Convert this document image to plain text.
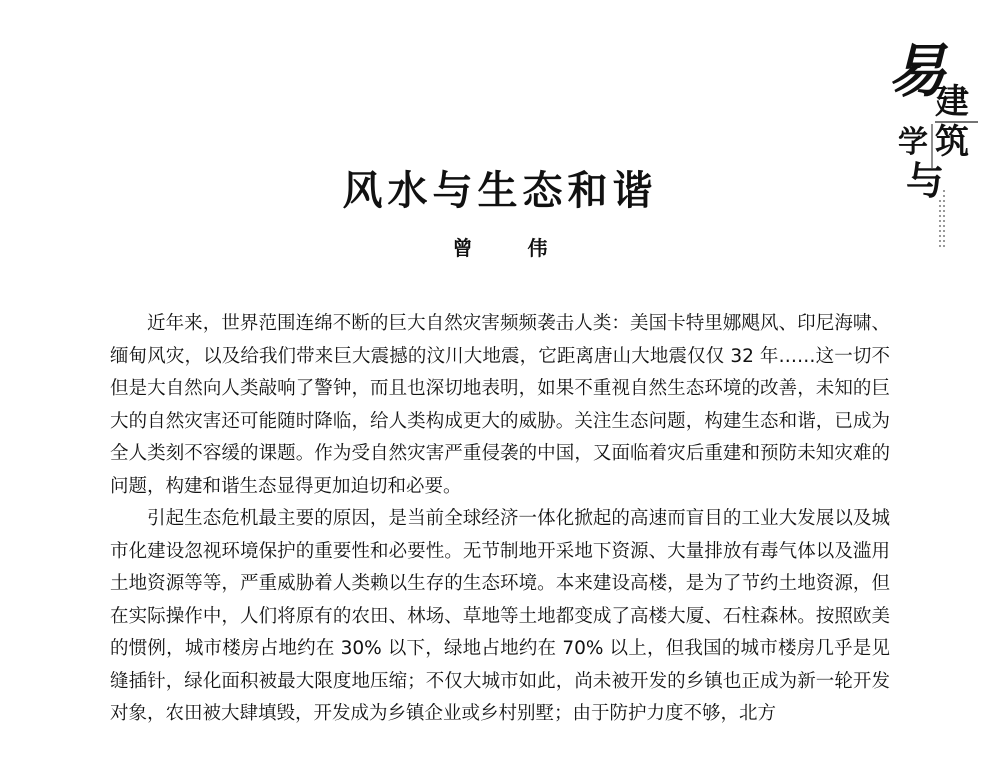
易
建
筑
学
与
风水与生态和谐
曾 伟

近年来，世界范围连绵不断的巨大自然灾害频频袭击人类：美国卡特里娜飓风、印尼海啸、缅甸风灾，以及给我们带来巨大震撼的汶川大地震，它距离唐山大地震仅仅 32 年……这一切不但是大自然向人类敲响了警钟，而且也深切地表明，如果不重视自然生态环境的改善，未知的巨大的自然灾害还可能随时降临，给人类构成更大的威胁。关注生态问题，构建生态和谐，已成为全人类刻不容缓的课题。作为受自然灾害严重侵袭的中国，又面临着灾后重建和预防未知灾难的问题，构建和谐生态显得更加迫切和必要。

引起生态危机最主要的原因，是当前全球经济一体化掀起的高速而盲目的工业大发展以及城市化建设忽视环境保护的重要性和必要性。无节制地开采地下资源、大量排放有毒气体以及滥用土地资源等等，严重威胁着人类赖以生存的生态环境。本来建设高楼，是为了节约土地资源，但在实际操作中，人们将原有的农田、林场、草地等土地都变成了高楼大厦、石柱森林。按照欧美的惯例，城市楼房占地约在 30% 以下，绿地占地约在 70% 以上，但我国的城市楼房几乎是见缝插针，绿化面积被最大限度地压缩；不仅大城市如此，尚未被开发的乡镇也正成为新一轮开发对象，农田被大肆填毁，开发成为乡镇企业或乡村别墅；由于防护力度不够，北方
